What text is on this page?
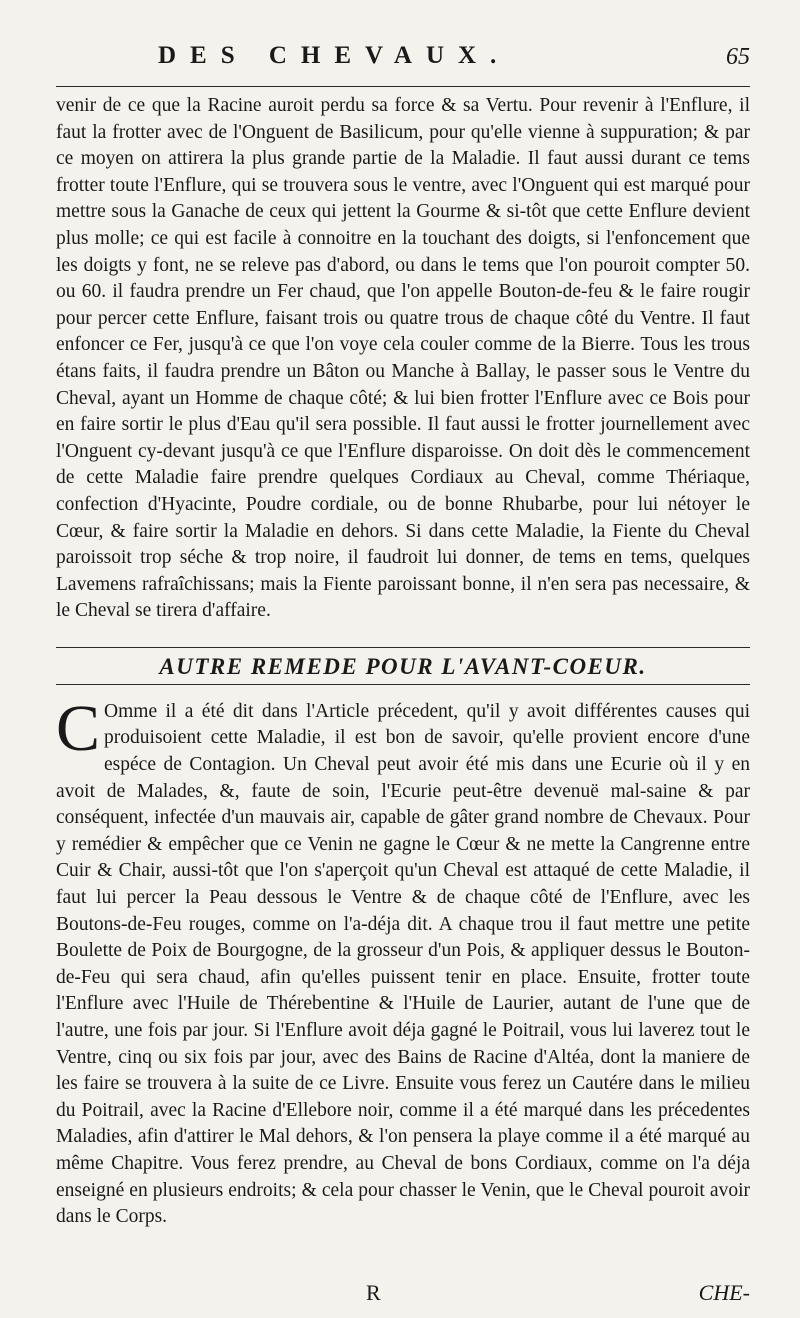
DES CHEVAUX.	65

venir de ce que la Racine auroit perdu sa force & sa Vertu. Pour revenir à l'Enflure, il faut la frotter avec de l'Onguent de Basilicum, pour qu'elle vienne à suppuration; & par ce moyen on attirera la plus grande partie de la Maladie. Il faut aussi durant ce tems frotter toute l'Enflure, qui se trouvera sous le ventre, avec l'Onguent qui est marqué pour mettre sous la Ganache de ceux qui jettent la Gourme & si-tôt que cette Enflure devient plus molle; ce qui est facile à connoitre en la touchant des doigts, si l'enfoncement que les doigts y font, ne se releve pas d'abord, ou dans le tems que l'on pouroit compter 50. ou 60. il faudra prendre un Fer chaud, que l'on appelle Bouton-de-feu & le faire rougir pour percer cette Enflure, faisant trois ou quatre trous de chaque côté du Ventre. Il faut enfoncer ce Fer, jusqu'à ce que l'on voye cela couler comme de la Bierre. Tous les trous étans faits, il faudra prendre un Bâton ou Manche à Ballay, le passer sous le Ventre du Cheval, ayant un Homme de chaque côté; & lui bien frotter l'Enflure avec ce Bois pour en faire sortir le plus d'Eau qu'il sera possible. Il faut aussi le frotter journellement avec l'Onguent cy-devant jusqu'à ce que l'Enflure disparoisse. On doit dès le commencement de cette Maladie faire prendre quelques Cordiaux au Cheval, comme Thériaque, confection d'Hyacinte, Poudre cordiale, ou de bonne Rhubarbe, pour lui nétoyer le Cœur, & faire sortir la Maladie en dehors. Si dans cette Maladie, la Fiente du Cheval paroissoit trop séche & trop noire, il faudroit lui donner, de tems en tems, quelques Lavemens rafraîchissans; mais la Fiente paroissant bonne, il n'en sera pas necessaire, & le Cheval se tirera d'affaire.

AUTRE REMEDE POUR L'AVANT-COEUR.

C Omme il a été dit dans l'Article précedent, qu'il y avoit différentes causes qui produisoient cette Maladie, il est bon de savoir, qu'elle provient encore d'une espéce de Contagion. Un Cheval peut avoir été mis dans une Ecurie où il y en avoit de Malades, &, faute de soin, l'Ecurie peut-être devenuë mal-saine & par conséquent, infectée d'un mauvais air, capable de gâter grand nombre de Chevaux. Pour y remédier & empêcher que ce Venin ne gagne le Cœur & ne mette la Cangrenne entre Cuir & Chair, aussi-tôt que l'on s'aperçoit qu'un Cheval est attaqué de cette Maladie, il faut lui percer la Peau dessous le Ventre & de chaque côté de l'Enflure, avec les Boutons-de-Feu rouges, comme on l'a-déja dit. A chaque trou il faut mettre une petite Boulette de Poix de Bourgogne, de la grosseur d'un Pois, & appliquer dessus le Bouton-de-Feu qui sera chaud, afin qu'elles puissent tenir en place. Ensuite, frotter toute l'Enflure avec l'Huile de Thérebentine & l'Huile de Laurier, autant de l'une que de l'autre, une fois par jour. Si l'Enflure avoit déja gagné le Poitrail, vous lui laverez tout le Ventre, cinq ou six fois par jour, avec des Bains de Racine d'Altéa, dont la maniere de les faire se trouvera à la suite de ce Livre. Ensuite vous ferez un Cautére dans le milieu du Poitrail, avec la Racine d'Ellebore noir, comme il a été marqué dans les précedentes Maladies, afin d'attirer le Mal dehors, & l'on pensera la playe comme il a été marqué au même Chapitre. Vous ferez prendre, au Cheval de bons Cordiaux, comme on l'a déja enseigné en plusieurs endroits; & cela pour chasser le Venin, que le Cheval pouroit avoir dans le Corps.

R	CHE-
